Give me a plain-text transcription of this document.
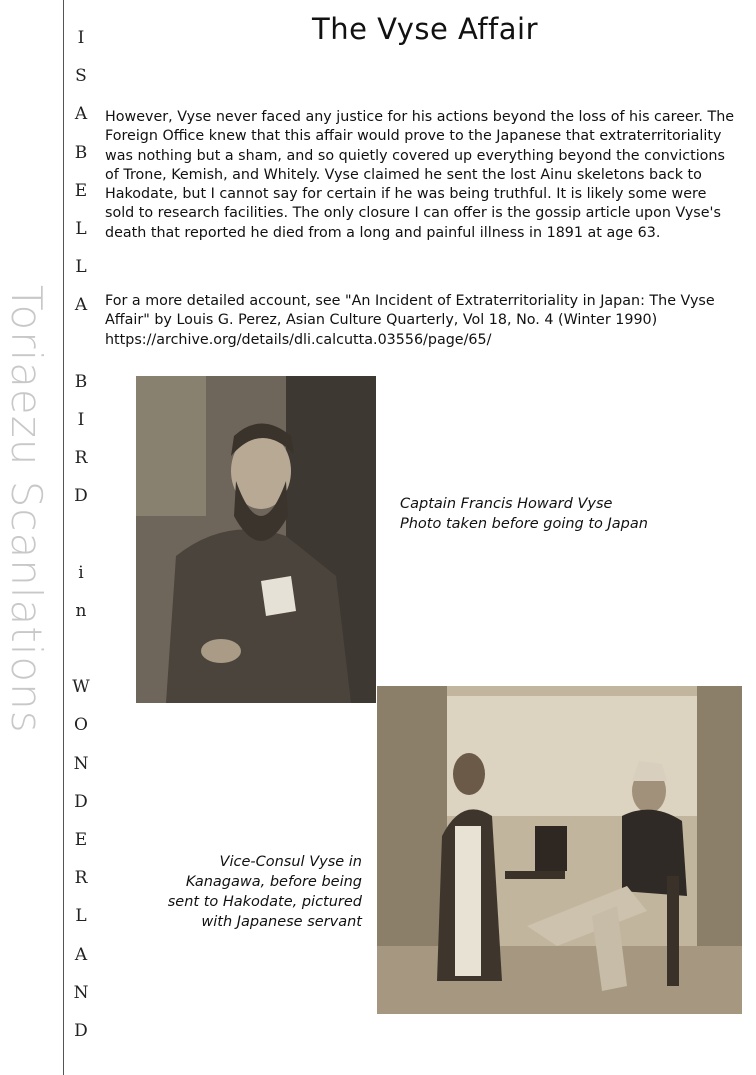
Toriaezu Scanlations
I
S
A
B
E
L
L
A

B
I
R
D

i
n

W
O
N
D
E
R
L
A
N
D
The Vyse Affair

However, Vyse never faced any justice for his actions beyond the loss of his career. The Foreign Office knew that this affair would prove to the Japanese that extraterritoriality was nothing but a sham, and so quietly covered up everything beyond the convictions of Trone, Kemish, and Whitely. Vyse claimed he sent the lost Ainu skeletons back to Hakodate, but I cannot say for certain if he was being truthful. It is likely some were sold to research facilities. The only closure I can offer is the gossip article upon Vyse's death that reported he died from a long and painful illness in 1891 at age 63.

For a more detailed account, see "An Incident of Extraterritoriality in Japan: The Vyse Affair" by Louis G. Perez, Asian Culture Quarterly, Vol 18, No. 4 (Winter 1990) https://archive.org/details/dli.calcutta.03556/page/65/

Captain Francis Howard Vyse
Photo taken before going to Japan

Vice-Consul Vyse in
Kanagawa, before being
sent to Hakodate, pictured
with Japanese servant
